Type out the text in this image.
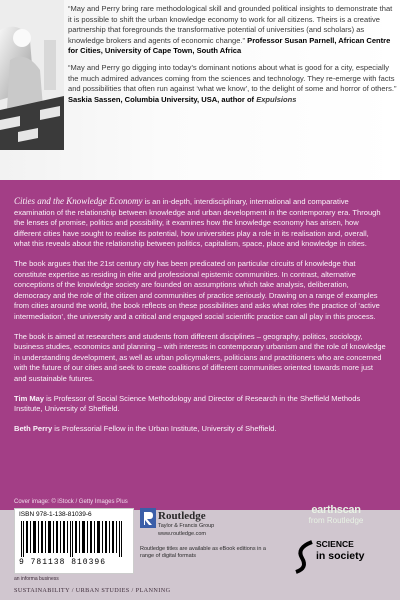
“May and Perry bring rare methodological skill and grounded political insights to demonstrate that it is possible to shift the urban knowledge economy to work for all citizens. Theirs is a creative partnership that foregrounds the transformative potential of universities (and scholars) as knowledge brokers and agents of economic change.” Professor Susan Parnell, African Centre for Cities, University of Cape Town, South Africa

“May and Perry go digging into today’s dominant notions about what is good for a city, especially the much admired advances coming from the sciences and technology. They re-emerge with facts and possibilities that often run against ‘what we know’, to the delight of some and horror of others.”
Saskia Sassen, Columbia University, USA, author of Expulsions

Cities and the Knowledge Economy is an in-depth, interdisciplinary, international and comparative examination of the relationship between knowledge and urban development in the contemporary era. Through the lenses of promise, politics and possibility, it examines how the knowledge economy has arisen, how different cities have sought to realise its potential, how universities play a role in its realisation and, overall, what this reveals about the relationship between politics, capitalism, space, place and knowledge in cities.

The book argues that the 21st century city has been predicated on particular circuits of knowledge that constitute expertise as residing in elite and professional epistemic communities. In contrast, alternative conceptions of the knowledge society are founded on assumptions which take analysis, deliberation, democracy and the role of the citizen and communities of practice seriously. Drawing on a range of examples from cities around the world, the book reflects on these possibilities and asks what roles the practice of ‘active intermediation’, the university and a critical and engaged social scientific practice can all play in this process.

The book is aimed at researchers and students from different disciplines – geography, politics, sociology, business studies, economics and planning – with interests in contemporary urbanism and the role of knowledge in understanding development, as well as urban policymakers, politicians and practitioners who are concerned with the future of our cities and seek to create coalitions of different communities oriented towards more just and sustainable futures.

Tim May is Professor of Social Science Methodology and Director of Research in the Sheffield Methods Institute, University of Sheffield.

Beth Perry is Professorial Fellow in the Urban Institute, University of Sheffield.

Cover image: © iStock / Getty Images Plus
ISBN 978-1-138-81039-6
9 781138 810396
an informa business
Routledge
Taylor & Francis Group
www.routledge.com
Routledge titles are available as eBook editions in a range of digital formats
earthscan
from Routledge
SCIENCE
in society
SUSTAINABILITY / URBAN STUDIES / PLANNING
